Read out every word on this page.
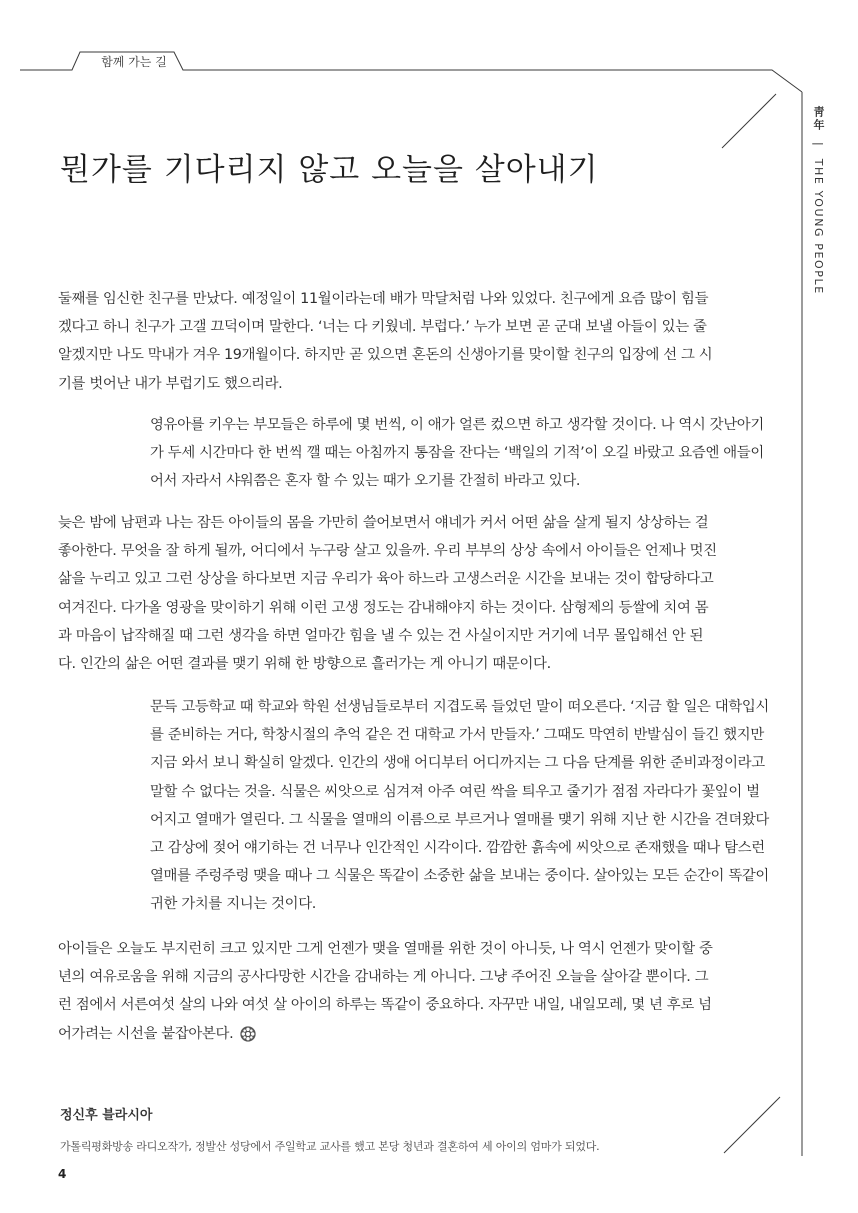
함께 가는 길
靑年 | THE YOUNG PEOPLE
뭔가를 기다리지 않고 오늘을 살아내기

둘째를 임신한 친구를 만났다. 예정일이 11월이라는데 배가 막달처럼 나와 있었다. 친구에게 요즘 많이 힘들겠다고 하니 친구가 고갤 끄덕이며 말한다. ‘너는 다 키웠네. 부럽다.’ 누가 보면 곧 군대 보낼 아들이 있는 줄 알겠지만 나도 막내가 겨우 19개월이다. 하지만 곧 있으면 혼돈의 신생아기를 맞이할 친구의 입장에 선 그 시기를 벗어난 내가 부럽기도 했으리라.

영유아를 키우는 부모들은 하루에 몇 번씩, 이 애가 얼른 컸으면 하고 생각할 것이다. 나 역시 갓난아기가 두세 시간마다 한 번씩 깰 때는 아침까지 통잠을 잔다는 ‘백일의 기적’이 오길 바랐고 요즘엔 애들이 어서 자라서 샤워쯤은 혼자 할 수 있는 때가 오기를 간절히 바라고 있다.

늦은 밤에 남편과 나는 잠든 아이들의 몸을 가만히 쓸어보면서 얘네가 커서 어떤 삶을 살게 될지 상상하는 걸 좋아한다. 무엇을 잘 하게 될까, 어디에서 누구랑 살고 있을까. 우리 부부의 상상 속에서 아이들은 언제나 멋진 삶을 누리고 있고 그런 상상을 하다보면 지금 우리가 육아 하느라 고생스러운 시간을 보내는 것이 합당하다고 여겨진다. 다가올 영광을 맞이하기 위해 이런 고생 정도는 감내해야지 하는 것이다. 삼형제의 등쌀에 치여 몸과 마음이 납작해질 때 그런 생각을 하면 얼마간 힘을 낼 수 있는 건 사실이지만 거기에 너무 몰입해선 안 된다. 인간의 삶은 어떤 결과를 맺기 위해 한 방향으로 흘러가는 게 아니기 때문이다.

문득 고등학교 때 학교와 학원 선생님들로부터 지겹도록 들었던 말이 떠오른다. ‘지금 할 일은 대학입시를 준비하는 거다, 학창시절의 추억 같은 건 대학교 가서 만들자.’ 그때도 막연히 반발심이 들긴 했지만 지금 와서 보니 확실히 알겠다. 인간의 생애 어디부터 어디까지는 그 다음 단계를 위한 준비과정이라고 말할 수 없다는 것을. 식물은 씨앗으로 심겨져 아주 여린 싹을 틔우고 줄기가 점점 자라다가 꽃잎이 벌어지고 열매가 열린다. 그 식물을 열매의 이름으로 부르거나 열매를 맺기 위해 지난 한 시간을 견뎌왔다고 감상에 젖어 얘기하는 건 너무나 인간적인 시각이다. 깜깜한 흙속에 씨앗으로 존재했을 때나 탐스런 열매를 주렁주렁 맺을 때나 그 식물은 똑같이 소중한 삶을 보내는 중이다. 살아있는 모든 순간이 똑같이 귀한 가치를 지니는 것이다.

아이들은 오늘도 부지런히 크고 있지만 그게 언젠가 맺을 열매를 위한 것이 아니듯, 나 역시 언젠가 맞이할 중년의 여유로움을 위해 지금의 공사다망한 시간을 감내하는 게 아니다. 그냥 주어진 오늘을 살아갈 뿐이다. 그런 점에서 서른여섯 살의 나와 여섯 살 아이의 하루는 똑같이 중요하다. 자꾸만 내일, 내일모레, 몇 년 후로 넘어가려는 시선을 붙잡아본다.

정신후 블라시아
가톨릭평화방송 라디오작가, 정발산 성당에서 주일학교 교사를 했고 본당 청년과 결혼하여 세 아이의 엄마가 되었다.
4
